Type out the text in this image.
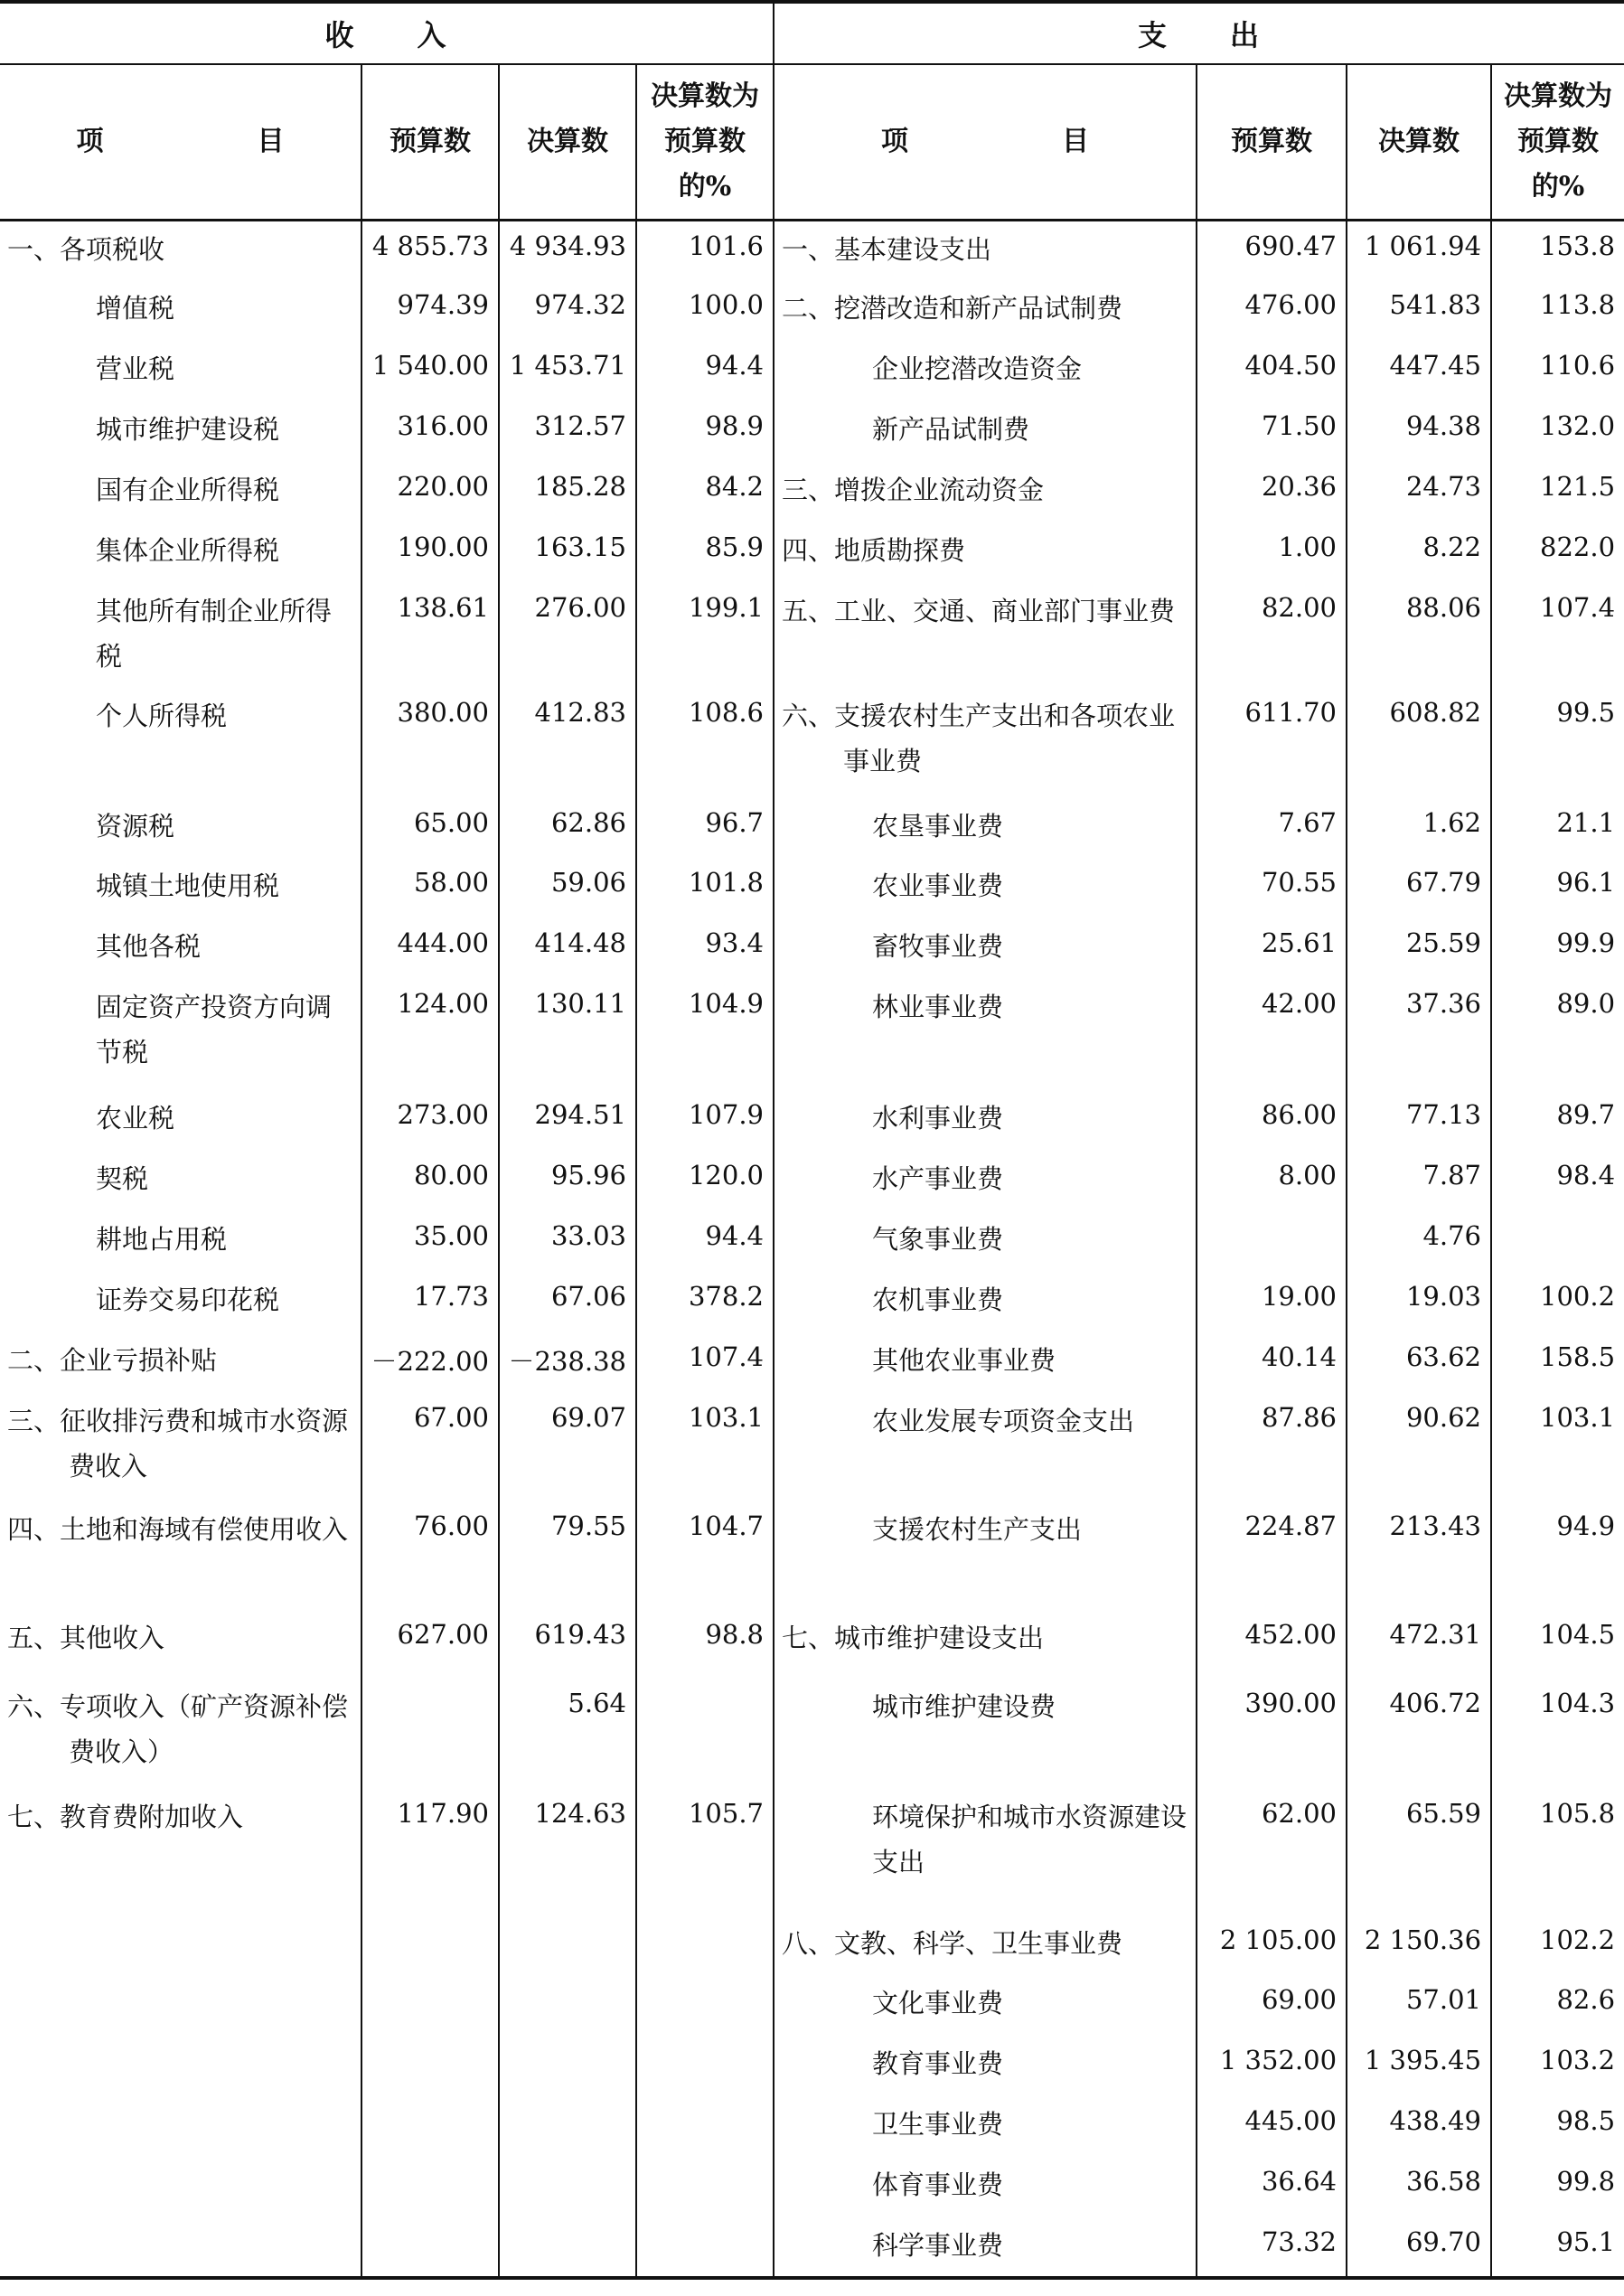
收　　入				支　　出			
项 目	预算数	决算数	决算数为预算数的%	项 目	预算数	决算数	决算数为预算数的%

一、各项税收	4 855.73	4 934.93	101.6	一、基本建设支出	690.47	1 061.94	153.8

增值税	974.39	974.32	100.0	二、挖潜改造和新产品试制费	476.00	541.83	113.8

营业税	1 540.00	1 453.71	94.4	企业挖潜改造资金	404.50	447.45	110.6

城市维护建设税	316.00	312.57	98.9	新产品试制费	71.50	94.38	132.0

国有企业所得税	220.00	185.28	84.2	三、增拨企业流动资金	20.36	24.73	121.5

集体企业所得税	190.00	163.15	85.9	四、地质勘探费	1.00	8.22	822.0

其他所有制企业所得税	138.61	276.00	199.1	五、工业、交通、商业部门事业费	82.00	88.06	107.4

个人所得税	380.00	412.83	108.6	六、支援农村生产支出和各项农业事业费	611.70	608.82	99.5

资源税	65.00	62.86	96.7	农垦事业费	7.67	1.62	21.1

城镇土地使用税	58.00	59.06	101.8	农业事业费	70.55	67.79	96.1

其他各税	444.00	414.48	93.4	畜牧事业费	25.61	25.59	99.9

固定资产投资方向调节税	124.00	130.11	104.9	林业事业费	42.00	37.36	89.0

农业税	273.00	294.51	107.9	水利事业费	86.00	77.13	89.7

契税	80.00	95.96	120.0	水产事业费	8.00	7.87	98.4

耕地占用税	35.00	33.03	94.4	气象事业费		4.76	

证券交易印花税	17.73	67.06	378.2	农机事业费	19.00	19.03	100.2

二、企业亏损补贴	－222.00	－238.38	107.4	其他农业事业费	40.14	63.62	158.5

三、征收排污费和城市水资源费收入	67.00	69.07	103.1	农业发展专项资金支出	87.86	90.62	103.1

四、土地和海域有偿使用收入	76.00	79.55	104.7	支援农村生产支出	224.87	213.43	94.9

五、其他收入	627.00	619.43	98.8	七、城市维护建设支出	452.00	472.31	104.5

六、专项收入（矿产资源补偿费收入）		5.64		城市维护建设费	390.00	406.72	104.3

七、教育费附加收入	117.90	124.63	105.7	环境保护和城市水资源建设支出	62.00	65.59	105.8

				八、文教、科学、卫生事业费	2 105.00	2 150.36	102.2

				文化事业费	69.00	57.01	82.6

				教育事业费	1 352.00	1 395.45	103.2

				卫生事业费	445.00	438.49	98.5

				体育事业费	36.64	36.58	99.8

				科学事业费	73.32	69.70	95.1
